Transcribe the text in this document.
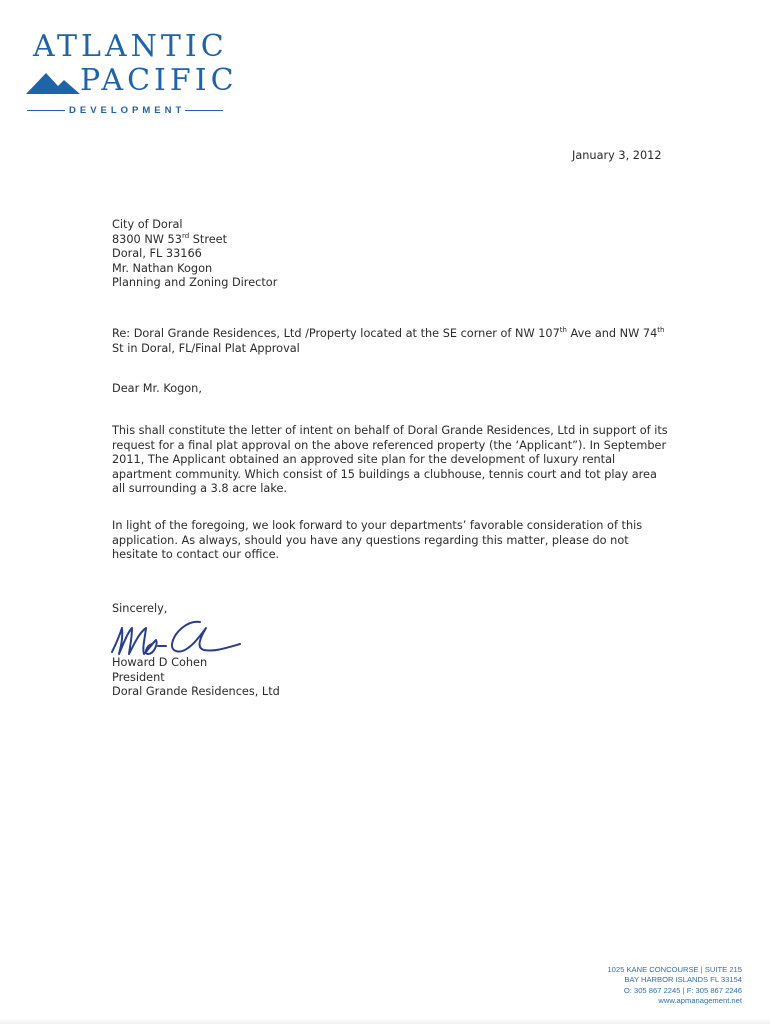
ATLANTIC
PACIFIC
DEVELOPMENT
January 3, 2012
City of Doral
8300 NW 53rd Street
Doral, FL 33166
Mr. Nathan Kogon
Planning and Zoning Director
Re: Doral Grande Residences, Ltd /Property located at the SE corner of NW 107th Ave and NW 74th
St in Doral, FL/Final Plat Approval
Dear Mr. Kogon,
This shall constitute the letter of intent on behalf of Doral Grande Residences, Ltd in support of its request for a final plat approval on the above referenced property (the ‘Applicant”). In September 2011, The Applicant obtained an approved site plan for the development of luxury rental apartment community. Which consist of 15 buildings a clubhouse, tennis court and tot play area all surrounding a 3.8 acre lake.
In light of the foregoing, we look forward to your departments’ favorable consideration of this application. As always, should you have any questions regarding this matter, please do not hesitate to contact our office.
Sincerely,
Howard D Cohen
President
Doral Grande Residences, Ltd
1025 KANE CONCOURSE | SUITE 215
BAY HARBOR ISLANDS FL 33154
O: 305 867 2245 | F: 305 867 2246
www.apmanagement.net
